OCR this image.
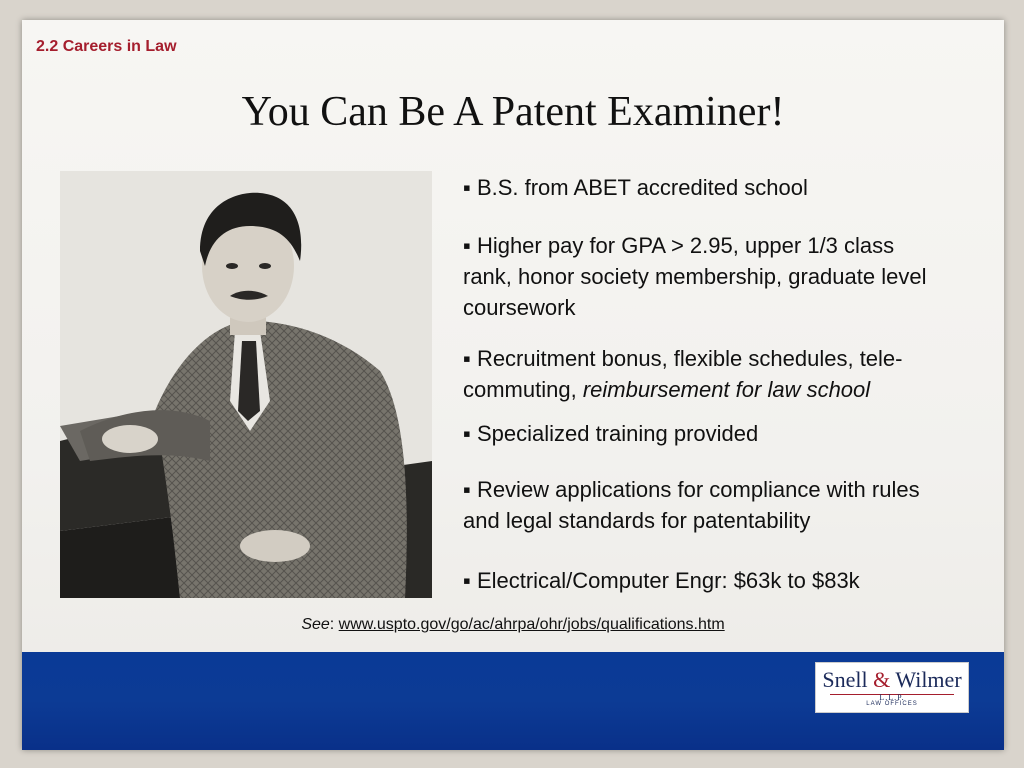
2.2 Careers in Law
You Can Be A Patent Examiner!
▪ B.S. from ABET accredited school
▪ Higher pay for GPA > 2.95, upper 1/3 class rank, honor society membership, graduate level coursework
▪ Recruitment bonus, flexible schedules, tele-commuting, reimbursement for law school
▪ Specialized training provided
▪ Review applications for compliance with rules and legal standards for patentability
▪ Electrical/Computer Engr: $63k to $83k
See: www.uspto.gov/go/ac/ahrpa/ohr/jobs/qualifications.htm
Snell & Wilmer
L.L.P.
LAW OFFICES
